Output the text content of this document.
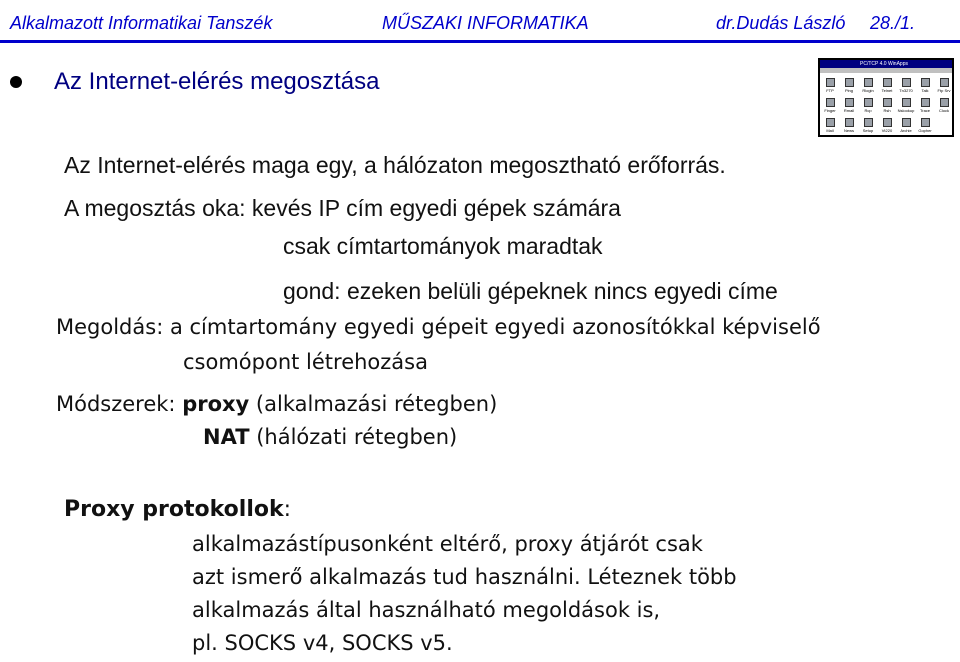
Alkalmazott Informatikai Tanszék	MŰSZAKI INFORMATIKA	dr.Dudás László 28./1.
Az Internet-elérés megosztása
PC/TCP 4.0 WinApps
FTP	Ping	Rlogin	Telnet	Tn3270	Talk	Ftp Srv
Finger	Rmail	Rcp	Rsh	Nslookup	Trace	Clock
Mail	News	Setup	Vt220	Archie	Gopher
Az Internet-elérés maga egy, a hálózaton megosztható erőforrás.
A megosztás oka: kevés IP cím egyedi gépek számára
csak címtartományok maradtak
gond: ezeken belüli gépeknek nincs egyedi címe
Megoldás: a címtartomány egyedi gépeit egyedi azonosítókkal képviselő
csomópont létrehozása
Módszerek: proxy (alkalmazási rétegben)
NAT (hálózati rétegben)
Proxy protokollok:
alkalmazástípusonként eltérő, proxy átjárót csak
azt ismerő alkalmazás tud használni. Léteznek több
alkalmazás által használható megoldások is,
pl. SOCKS v4, SOCKS v5.
